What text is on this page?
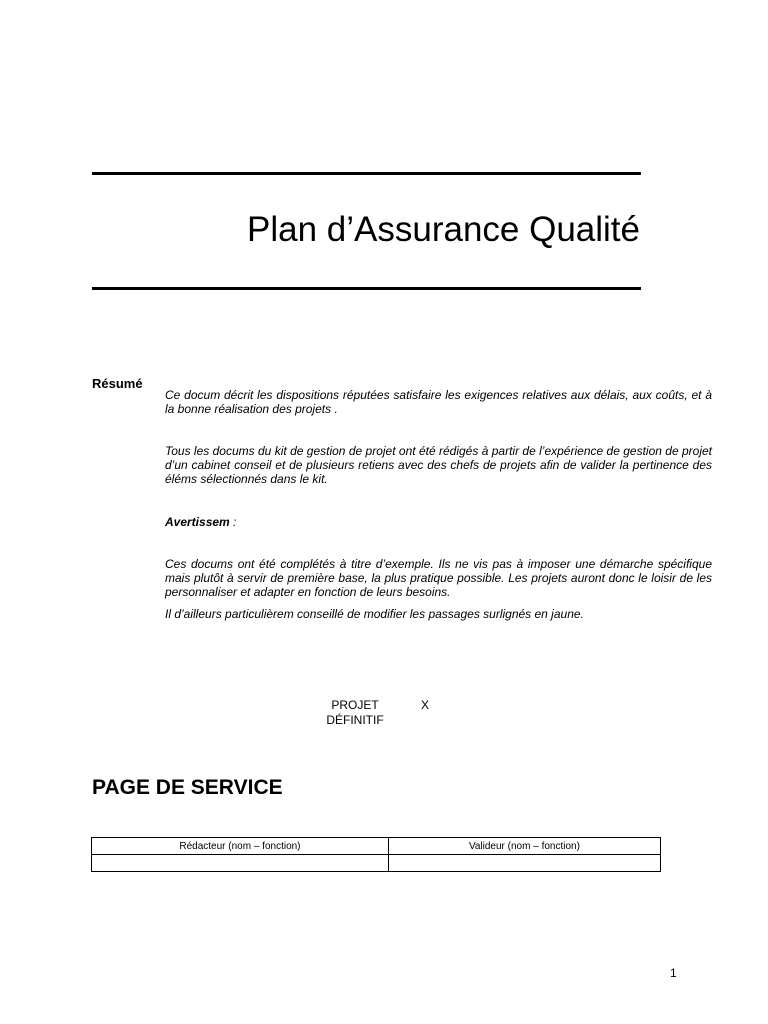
Plan d’Assurance Qualité
Résumé
Ce docum décrit les dispositions réputées satisfaire les exigences relatives aux délais, aux coûts, et à la bonne réalisation des projets .
Tous les docums du kit de gestion de projet ont été rédigés à partir de l’expérience de gestion de projet d’un cabinet conseil et de plusieurs retiens avec des chefs de projets afin de valider la pertinence des éléms sélectionnés dans le kit.
Avertissem :
Ces docums ont été complétés à titre d’exemple. Ils ne vis pas à imposer une démarche spécifique mais plutôt à servir de première base, la plus pratique possible. Les projets auront donc le loisir de les personnaliser et adapter en fonction de leurs besoins.
Il d’ailleurs particulièrem conseillé de modifier les passages surlignés en jaune.
PROJET
DÉFINITIF
X
PAGE DE SERVICE
Rédacteur (nom – fonction)	Valideur (nom – fonction)

1
